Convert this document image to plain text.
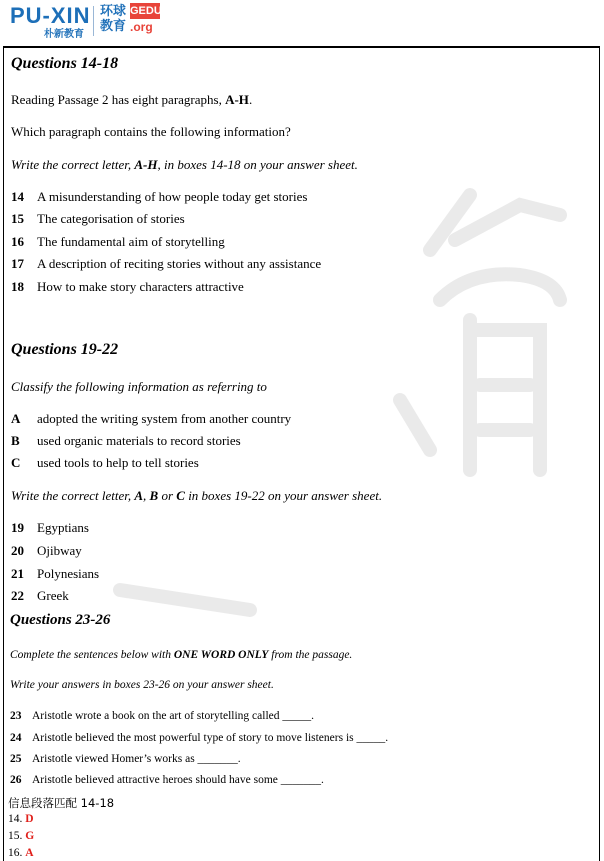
PU-XIN
朴新教育
环球
教育
GEDU
.org
Questions 14-18
Reading Passage 2 has eight paragraphs, A-H.
Which paragraph contains the following information?
Write the correct letter, A-H, in boxes 14-18 on your answer sheet.
14 A misunderstanding of how people today get stories
15 The categorisation of stories
16 The fundamental aim of storytelling
17 A description of reciting stories without any assistance
18 How to make story characters attractive
Questions 19-22
Classify the following information as referring to
A adopted the writing system from another country
B used organic materials to record stories
C used tools to help to tell stories
Write the correct letter, A, B or C in boxes 19-22 on your answer sheet.
19 Egyptians
20 Ojibway
21 Polynesians
22 Greek
Questions 23-26
Complete the sentences below with ONE WORD ONLY from the passage.
Write your answers in boxes 23-26 on your answer sheet.
23 Aristotle wrote a book on the art of storytelling called _____.
24 Aristotle believed the most powerful type of story to move listeners is _____.
25 Aristotle viewed Homer’s works as _______.
26 Aristotle believed attractive heroes should have some _______.
信息段落匹配 14-18
14. D
15. G
16. A
